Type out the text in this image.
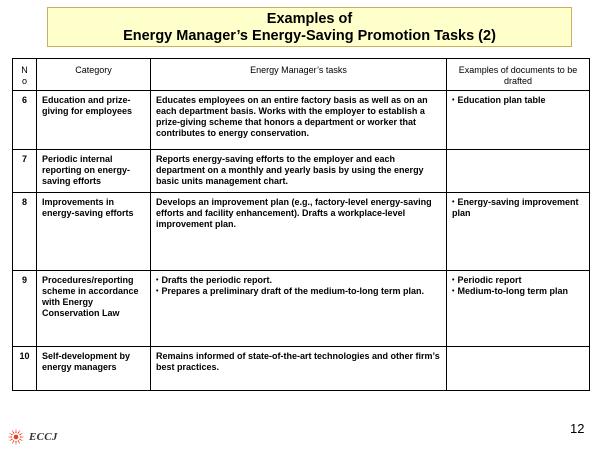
Examples of
Energy Manager’s Energy-Saving Promotion Tasks (2)
N
o	Category	Energy Manager’s tasks	Examples of documents to be drafted
6	Education and prize-giving for employees	Educates employees on an entire factory basis as well as on an each department basis. Works with the employer to establish a prize-giving scheme that honors a department or worker that contributes to energy conservation.	• Education plan table

7	Periodic internal reporting on energy-saving efforts	Reports energy-saving efforts to the employer and each department on a monthly and yearly basis by using the energy basic units management chart.	
8	Improvements in energy-saving efforts	Develops an improvement plan (e.g., factory-level energy-saving efforts and facility enhancement). Drafts a workplace-level improvement plan.	• Energy-saving improvement plan

9	Procedures/reporting scheme in accordance with Energy Conservation Law	• Drafts the periodic report.
• Prepares a preliminary draft of the medium-to-long term plan.	• Periodic report
• Medium-to-long term plan

10	Self-development by energy managers	Remains informed of state-of-the-art technologies and other firm’s best practices.	
12
ECCJ
